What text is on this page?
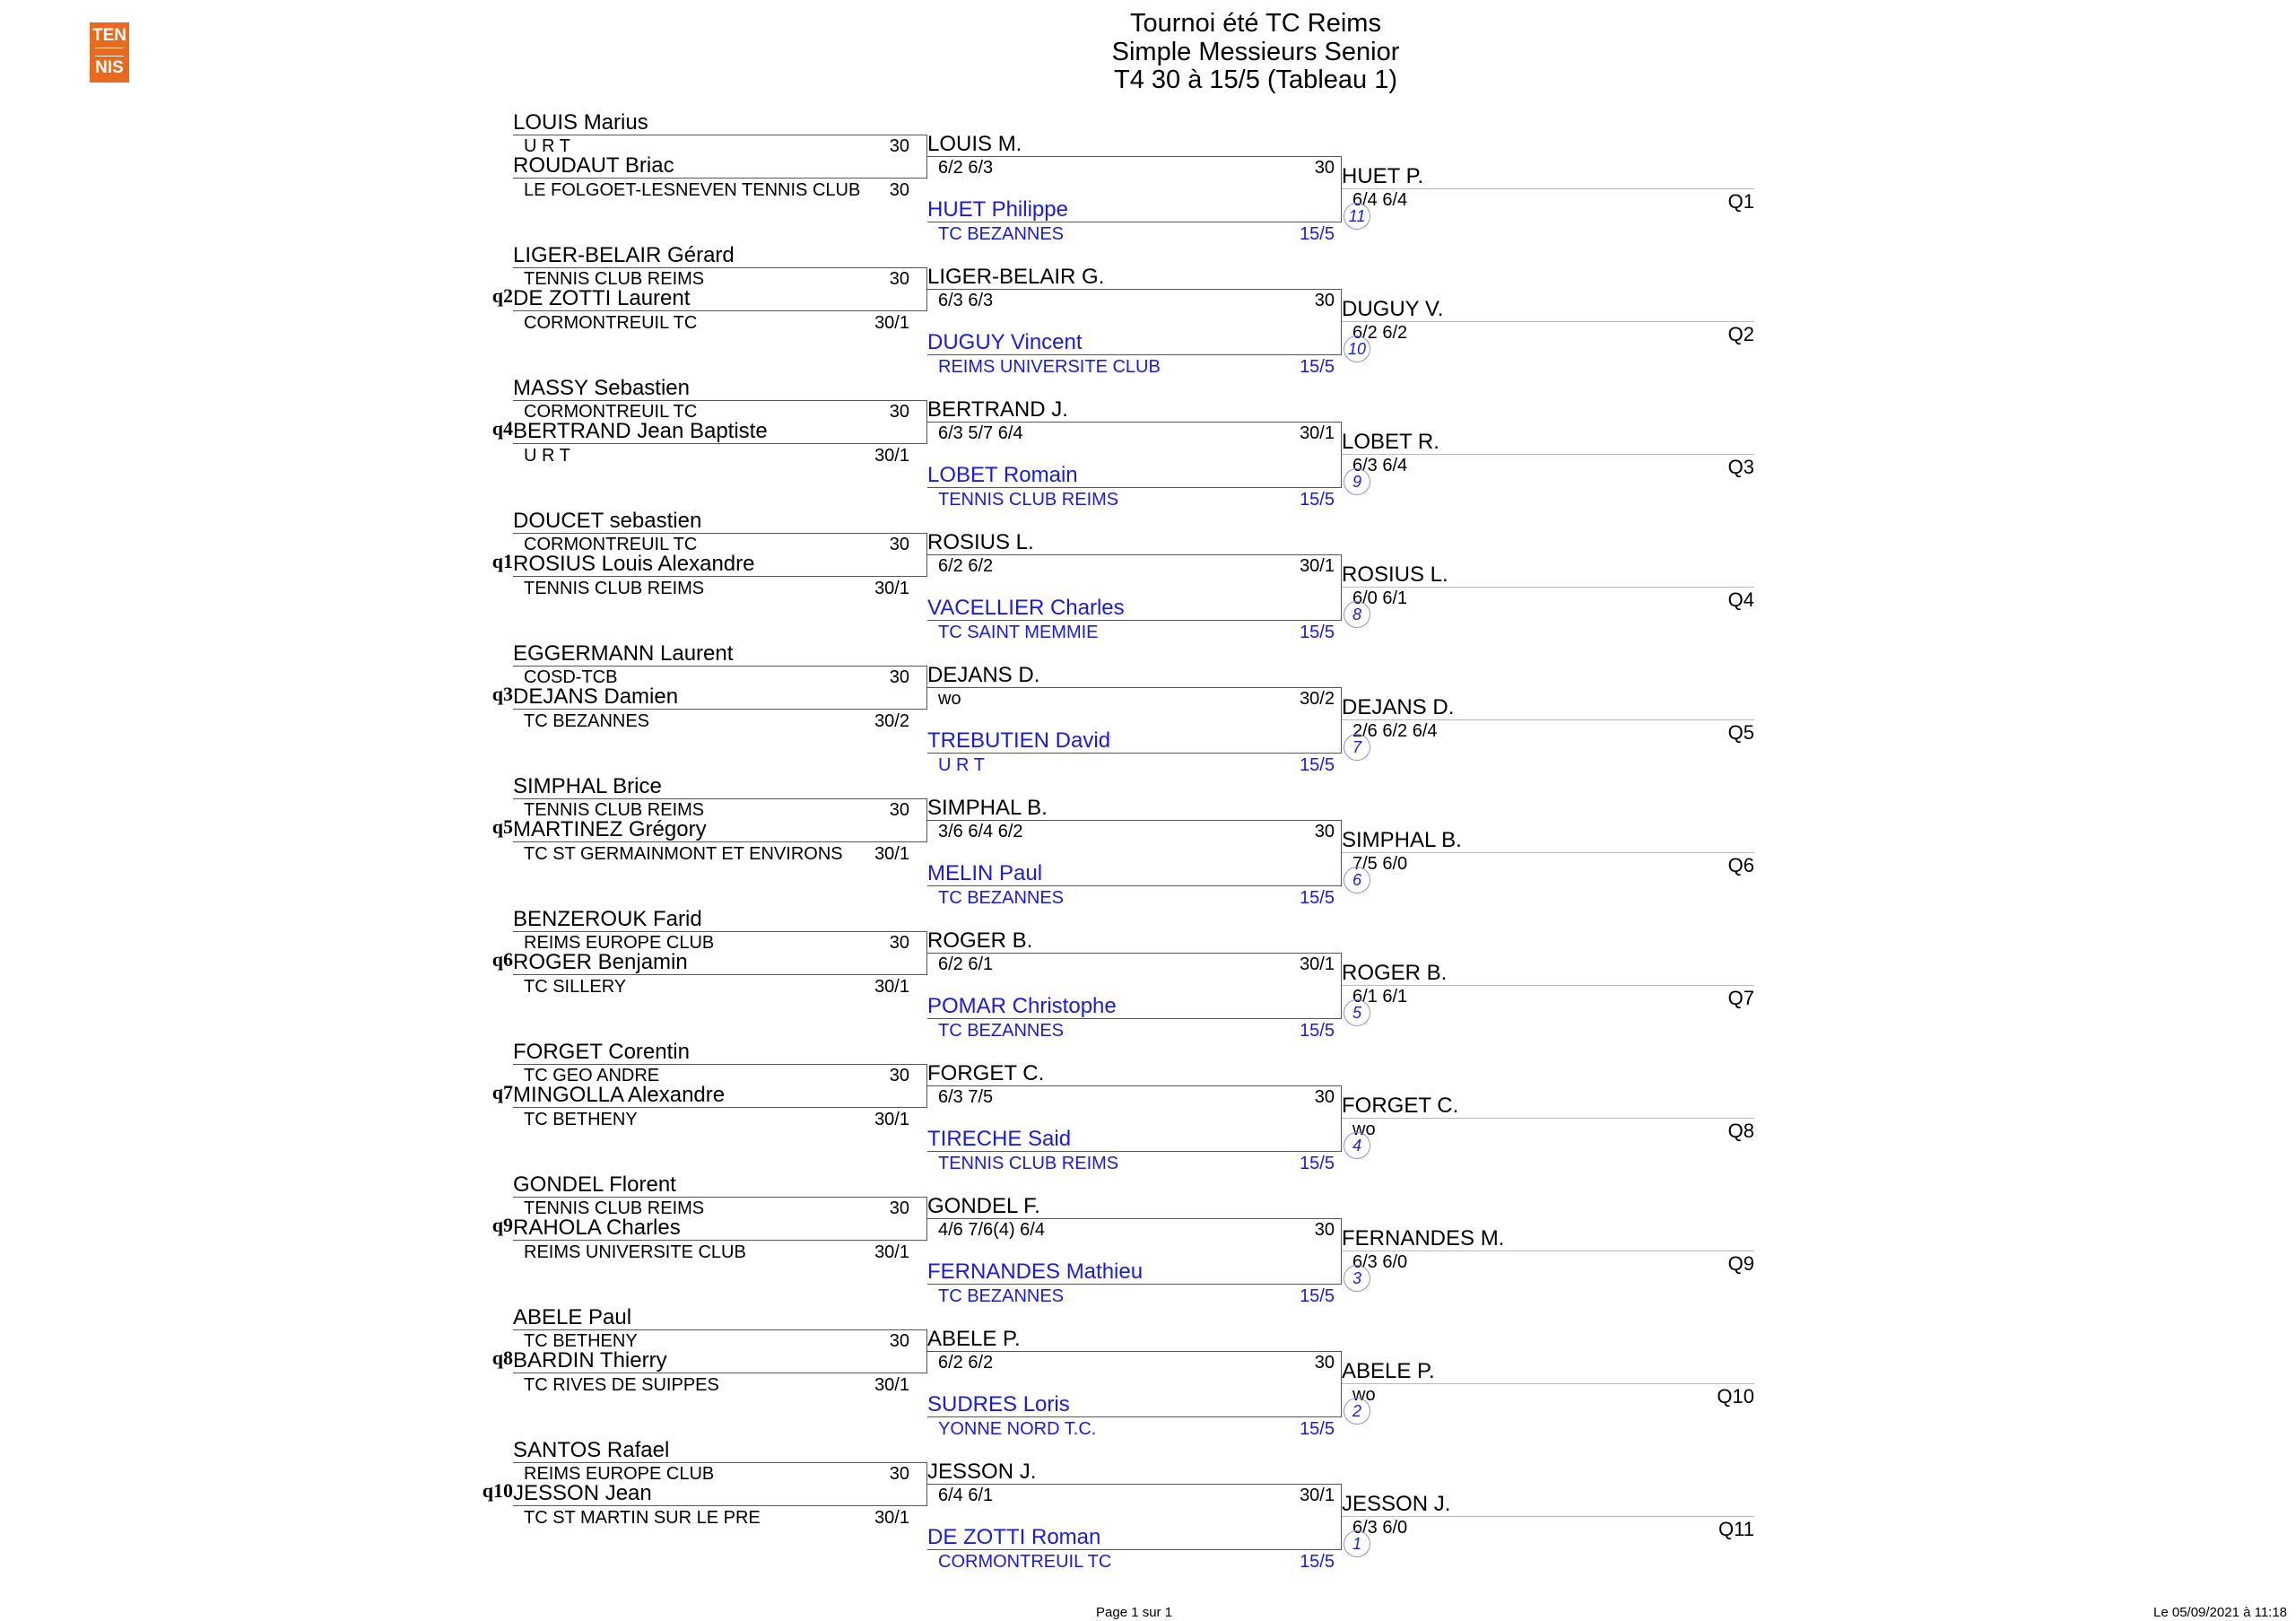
TEN
NIS
Tournoi été TC Reims
Simple Messieurs Senior
T4 30 à 15/5 (Tableau 1)
LOUIS Marius
U R T	30
ROUDAUT Briac
LE FOLGOET-LESNEVEN TENNIS CLUB	30
LOUIS M.
6/2 6/3	30
HUET Philippe
TC BEZANNES	15/5
HUET P.
6/4 6/4
11
Q1
LIGER-BELAIR Gérard
TENNIS CLUB REIMS	30
q2 DE ZOTTI Laurent
CORMONTREUIL TC	30/1
LIGER-BELAIR G.
6/3 6/3	30
DUGUY Vincent
REIMS UNIVERSITE CLUB	15/5
DUGUY V.
6/2 6/2
10
Q2
MASSY Sebastien
CORMONTREUIL TC	30
q4 BERTRAND Jean Baptiste
U R T	30/1
BERTRAND J.
6/3 5/7 6/4	30/1
LOBET Romain
TENNIS CLUB REIMS	15/5
LOBET R.
6/3 6/4
9
Q3
DOUCET sebastien
CORMONTREUIL TC	30
q1 ROSIUS Louis Alexandre
TENNIS CLUB REIMS	30/1
ROSIUS L.
6/2 6/2	30/1
VACELLIER Charles
TC SAINT MEMMIE	15/5
ROSIUS L.
6/0 6/1
8
Q4
EGGERMANN Laurent
COSD-TCB	30
q3 DEJANS Damien
TC BEZANNES	30/2
DEJANS D.
wo	30/2
TREBUTIEN David
U R T	15/5
DEJANS D.
2/6 6/2 6/4
7
Q5
SIMPHAL Brice
TENNIS CLUB REIMS	30
q5 MARTINEZ Grégory
TC ST GERMAINMONT ET ENVIRONS	30/1
SIMPHAL B.
3/6 6/4 6/2	30
MELIN Paul
TC BEZANNES	15/5
SIMPHAL B.
7/5 6/0
6
Q6
BENZEROUK Farid
REIMS EUROPE CLUB	30
q6 ROGER Benjamin
TC SILLERY	30/1
ROGER B.
6/2 6/1	30/1
POMAR Christophe
TC BEZANNES	15/5
ROGER B.
6/1 6/1
5
Q7
FORGET Corentin
TC GEO ANDRE	30
q7 MINGOLLA Alexandre
TC BETHENY	30/1
FORGET C.
6/3 7/5	30
TIRECHE Said
TENNIS CLUB REIMS	15/5
FORGET C.
wo
4
Q8
GONDEL Florent
TENNIS CLUB REIMS	30
q9 RAHOLA Charles
REIMS UNIVERSITE CLUB	30/1
GONDEL F.
4/6 7/6(4) 6/4	30
FERNANDES Mathieu
TC BEZANNES	15/5
FERNANDES M.
6/3 6/0
3
Q9
ABELE Paul
TC BETHENY	30
q8 BARDIN Thierry
TC RIVES DE SUIPPES	30/1
ABELE P.
6/2 6/2	30
SUDRES Loris
YONNE NORD T.C.	15/5
ABELE P.
wo
2
Q10
SANTOS Rafael
REIMS EUROPE CLUB	30
q10 JESSON Jean
TC ST MARTIN SUR LE PRE	30/1
JESSON J.
6/4 6/1	30/1
DE ZOTTI Roman
CORMONTREUIL TC	15/5
JESSON J.
6/3 6/0
1
Q11
Page 1 sur 1	Le 05/09/2021 à 11:18
